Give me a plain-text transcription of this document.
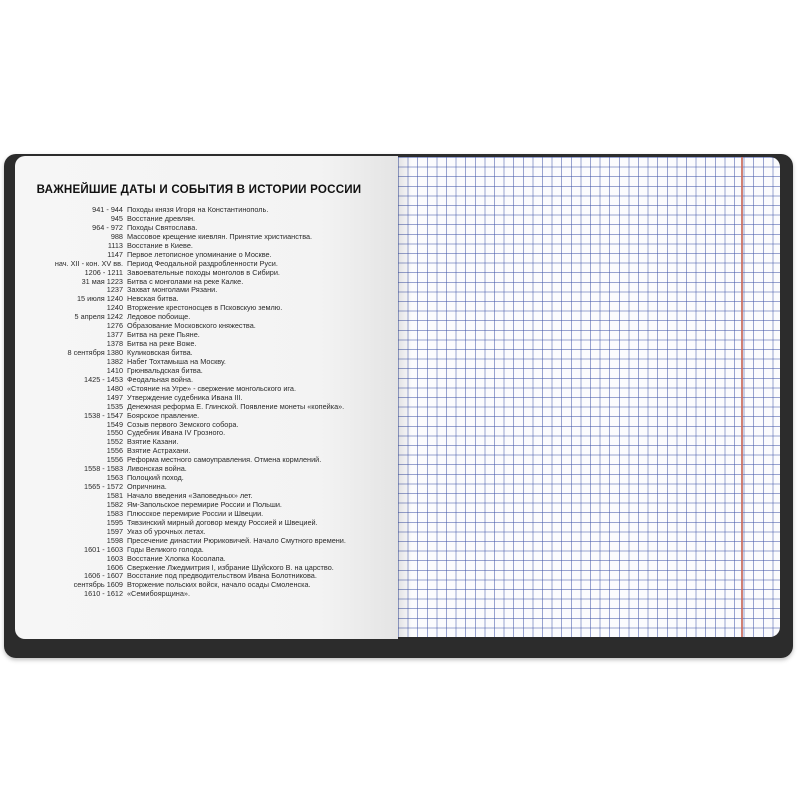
ВАЖНЕЙШИЕ ДАТЫ И СОБЫТИЯ В ИСТОРИИ РОССИИ
941 - 944 Походы князя Игоря на Константинополь.
945 Восстание древлян.
964 - 972 Походы Святослава.
988 Массовое крещение киевлян. Принятие христианства.
1113 Восстание в Киеве.
1147 Первое летописное упоминание о Москве.
нач. XII - кон. XV вв. Период Феодальной раздробленности Руси.
1206 - 1211 Завоевательные походы монголов в Сибири.
31 мая 1223 Битва с монголами на реке Калке.
1237 Захват монголами Рязани.
15 июля 1240 Невская битва.
1240 Вторжение крестоносцев в Псковскую землю.
5 апреля 1242 Ледовое побоище.
1276 Образование Московского княжества.
1377 Битва на реке Пьяне.
1378 Битва на реке Воже.
8 сентября 1380 Куликовская битва.
1382 Набег Тохтамыша на Москву.
1410 Грюнвальдская битва.
1425 - 1453 Феодальная война.
1480 «Стояние на Угре» - свержение монгольского ига.
1497 Утверждение судебника Ивана III.
1535 Денежная реформа Е. Глинской. Появление монеты «копейка».
1538 - 1547 Боярское правление.
1549 Созыв первого Земского собора.
1550 Судебник Ивана IV Грозного.
1552 Взятие Казани.
1556 Взятие Астрахани.
1556 Реформа местного самоуправления. Отмена кормлений.
1558 - 1583 Ливонская война.
1563 Полоцкий поход.
1565 - 1572 Опричнина.
1581 Начало введения «Заповедных» лет.
1582 Ям-Запольское перемирие России и Польши.
1583 Плюсское перемирие России и Швеции.
1595 Тявзинский мирный договор между Россией и Швецией.
1597 Указ об урочных летах.
1598 Пресечение династии Рюриковичей. Начало Смутного времени.
1601 - 1603 Годы Великого голода.
1603 Восстание Хлопка Косолапа.
1606 Свержение Лжедмитрия I, избрание Шуйского В. на царство.
1606 - 1607 Восстание под предводительством Ивана Болотникова.
сентябрь 1609 Вторжение польских войск, начало осады Смоленска.
1610 - 1612 «Семибоярщина».
